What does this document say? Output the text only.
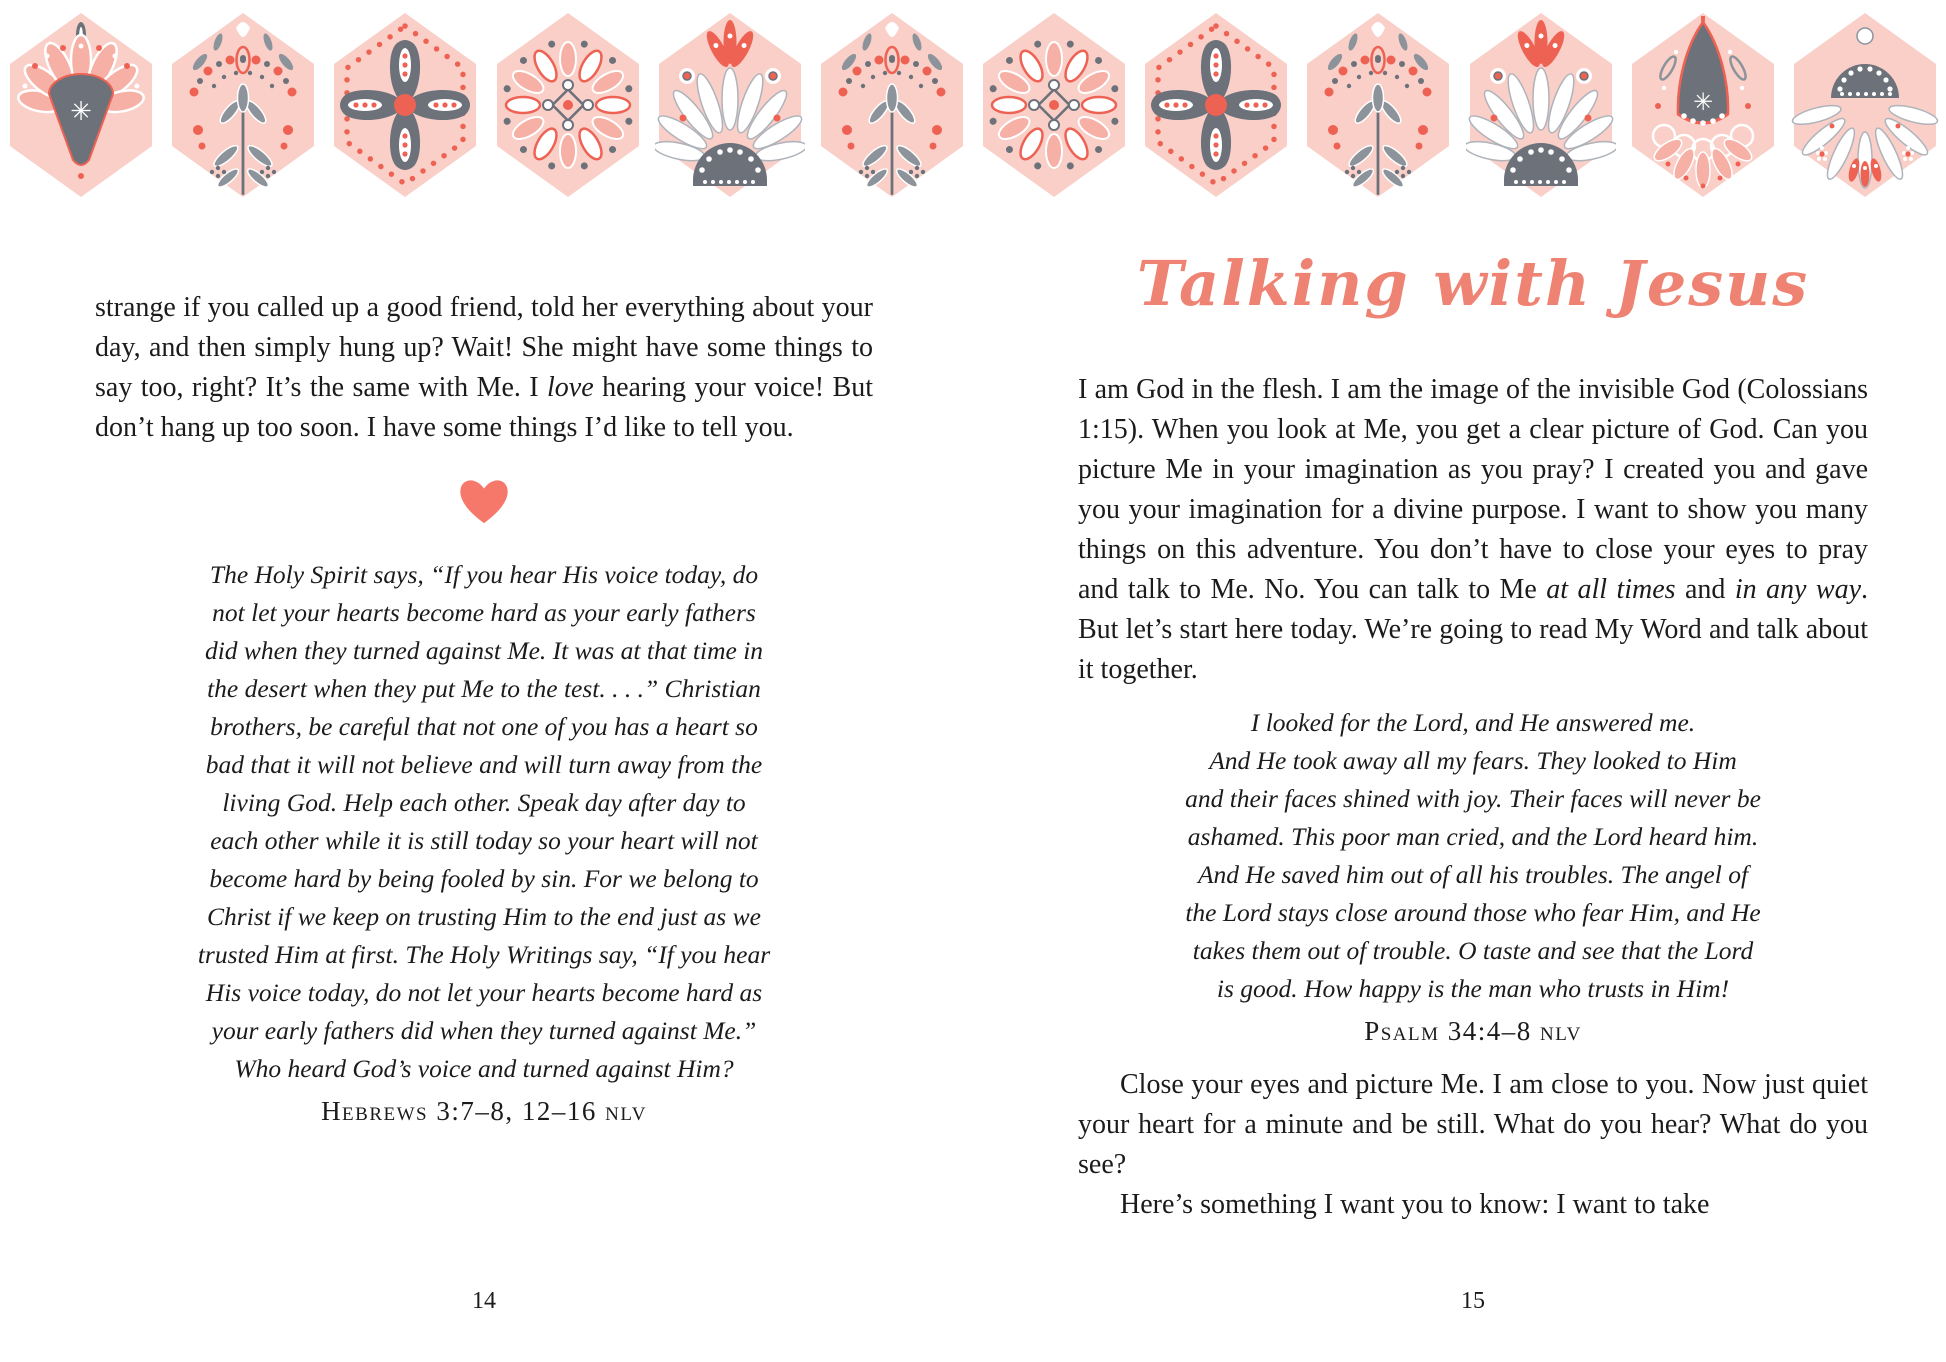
strange if you called up a good friend, told her everything about your day, and then simply hung up? Wait! She might have some things to say too, right? It’s the same with Me. I love hearing your voice! But don’t hang up too soon. I have some things I’d like to tell you.

The Holy Spirit says, “If you hear His voice today, do
not let your hearts become hard as your early fathers
did when they turned against Me. It was at that time in
the desert when they put Me to the test. . . .” Christian
brothers, be careful that not one of you has a heart so
bad that it will not believe and will turn away from the
living God. Help each other. Speak day after day to
each other while it is still today so your heart will not
become hard by being fooled by sin. For we belong to
Christ if we keep on trusting Him to the end just as we
trusted Him at first. The Holy Writings say, “If you hear
His voice today, do not let your hearts become hard as
your early fathers did when they turned against Me.”
Who heard God’s voice and turned against Him?
Hebrews 3:7–8, 12–16 nlv
14
Talking with Jesus

I am God in the flesh. I am the image of the invisible God (Colossians 1:15). When you look at Me, you get a clear picture of God. Can you picture Me in your imagination as you pray? I created you and gave you your imagination for a divine purpose. I want to show you many things on this adventure. You don’t have to close your eyes to pray and talk to Me. No. You can talk to Me at all times and in any way. But let’s start here today. We’re going to read My Word and talk about it together.

I looked for the Lord, and He answered me.
And He took away all my fears. They looked to Him
and their faces shined with joy. Their faces will never be
ashamed. This poor man cried, and the Lord heard him.
And He saved him out of all his troubles. The angel of
the Lord stays close around those who fear Him, and He
takes them out of trouble. O taste and see that the Lord
is good. How happy is the man who trusts in Him!
Psalm 34:4–8 nlv

Close your eyes and picture Me. I am close to you. Now just quiet your heart for a minute and be still. What do you hear? What do you see?

Here’s something I want you to know: I want to take

15
